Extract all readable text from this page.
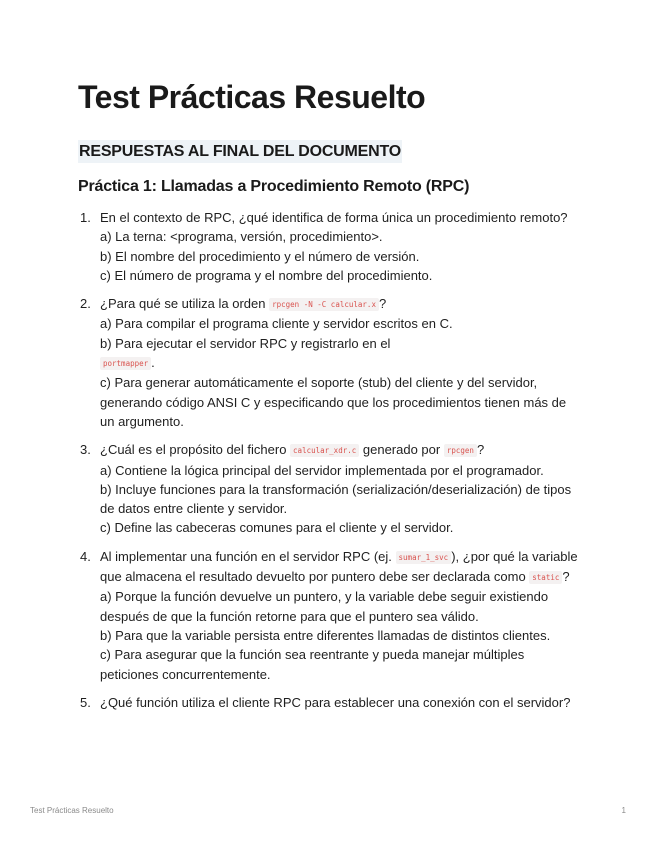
Test Prácticas Resuelto
RESPUESTAS AL FINAL DEL DOCUMENTO
Práctica 1: Llamadas a Procedimiento Remoto (RPC)
1. En el contexto de RPC, ¿qué identifica de forma única un procedimiento remoto?
a) La terna: <programa, versión, procedimiento>.
b) El nombre del procedimiento y el número de versión.
c) El número de programa y el nombre del procedimiento.
2. ¿Para qué se utiliza la orden rpcgen -N -C calcular.x ?
a) Para compilar el programa cliente y servidor escritos en C.
b) Para ejecutar el servidor RPC y registrarlo en el
portmapper .
c) Para generar automáticamente el soporte (stub) del cliente y del servidor, generando código ANSI C y especificando que los procedimientos tienen más de un argumento.
3. ¿Cuál es el propósito del fichero calcular_xdr.c generado por rpcgen ?
a) Contiene la lógica principal del servidor implementada por el programador.
b) Incluye funciones para la transformación (serialización/deserialización) de tipos de datos entre cliente y servidor.
c) Define las cabeceras comunes para el cliente y el servidor.
4. Al implementar una función en el servidor RPC (ej. sumar_1_svc ), ¿por qué la variable que almacena el resultado devuelto por puntero debe ser declarada como static ?
a) Porque la función devuelve un puntero, y la variable debe seguir existiendo después de que la función retorne para que el puntero sea válido.
b) Para que la variable persista entre diferentes llamadas de distintos clientes.
c) Para asegurar que la función sea reentrante y pueda manejar múltiples peticiones concurrentemente.
5. ¿Qué función utiliza el cliente RPC para establecer una conexión con el servidor?
Test Prácticas Resuelto	1
